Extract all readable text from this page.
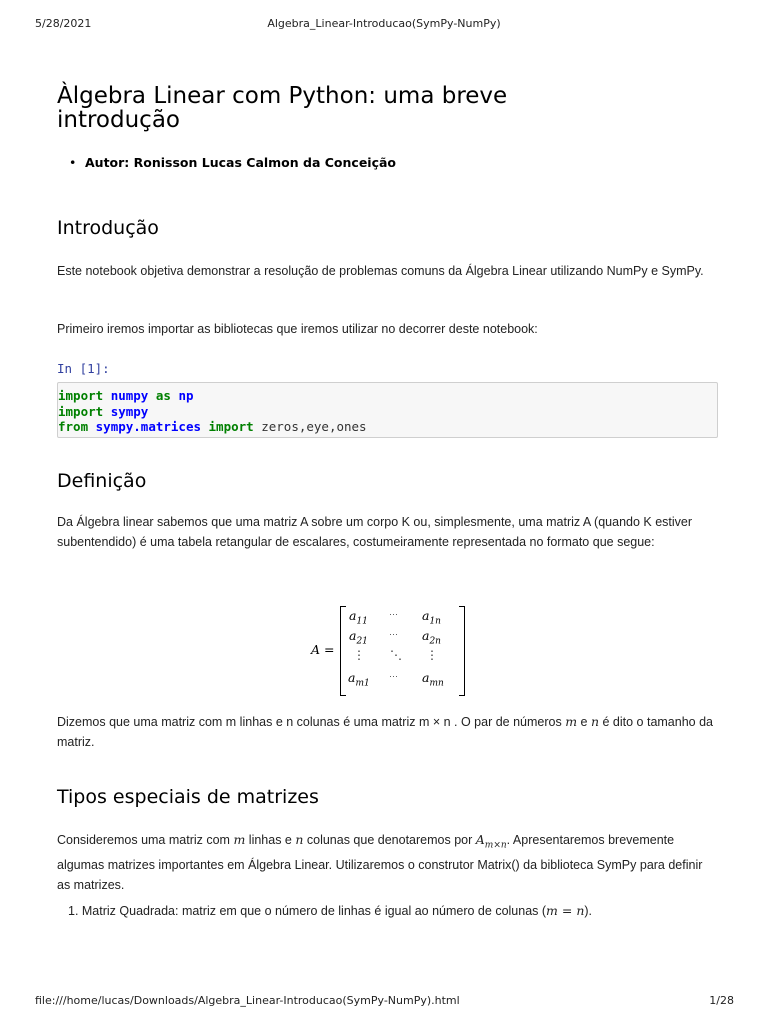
5/28/2021	Algebra_Linear-Introducao(SymPy-NumPy)
Àlgebra Linear com Python: uma breve introdução
• Autor: Ronisson Lucas Calmon da Conceição
Introdução

Este notebook objetiva demonstrar a resolução de problemas comuns da Álgebra Linear utilizando NumPy e SymPy.

Primeiro iremos importar as bibliotecas que iremos utilizar no decorrer deste notebook:

In [1]:
import numpy as np
import sympy
from sympy.matrices import zeros,eye,ones
Definição

Da Álgebra linear sabemos que uma matriz A sobre um corpo K ou, simplesmente, uma matriz A (quando K estiver subentendido) é uma tabela retangular de escalares, costumeiramente representada no formato que segue:

Dizemos que uma matriz com m linhas e n colunas é uma matriz m × n . O par de números m e n é dito o tamanho da matriz.

Tipos especiais de matrizes

Consideremos uma matriz com m linhas e n colunas que denotaremos por $A_{m\times n}$. Apresentaremos brevemente algumas matrizes importantes em Álgebra Linear. Utilizaremos o construtor Matrix() da biblioteca SymPy para definir as matrizes.

1. Matriz Quadrada: matriz em que o número de linhas é igual ao número de colunas (m = n).
A =
$a_{11}$
⋯ $a_{1n}$
$a_{21}$
⋯ $a_{2n}$
⋮ ⋱ ⋮
$a_{m1}$
⋯ $a_{mn}$
file:///home/lucas/Downloads/Algebra_Linear-Introducao(SymPy-NumPy).html	1/28
